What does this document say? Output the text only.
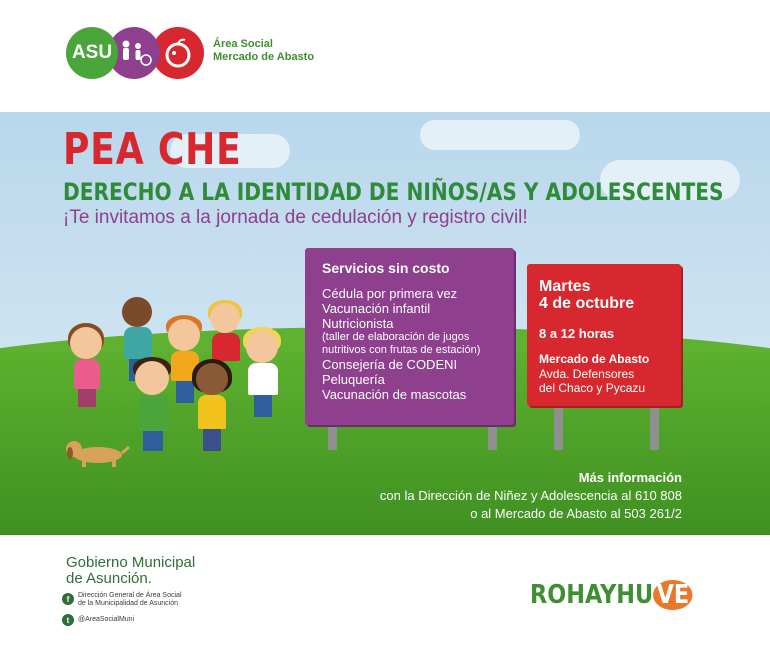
ASU	Área Social
Mercado de Abasto
PEA CHE
DERECHO A LA IDENTIDAD DE NIÑOS/AS Y ADOLESCENTES
¡Te invitamos a la jornada de cedulación y registro civil!
Servicios sin costo
Cédula por primera vez
Vacunación infantil
Nutricionista
(taller de elaboración de jugos
nutritivos con frutas de estación)
Consejería de CODENI
Peluquería
Vacunación de mascotas
Martes
4 de octubre
8 a 12 horas
Mercado de Abasto
Avda. Defensores
del Chaco y Pycazu
Más información
con la Dirección de Niñez y Adolescencia al 610 808
o al Mercado de Abasto al 503 261/2
Gobierno Municipal
de Asunción.
f	Dirección General de Área Social
de la Municipalidad de Asunción
t	@AreaSocialMuni
ROHAYHU VE
